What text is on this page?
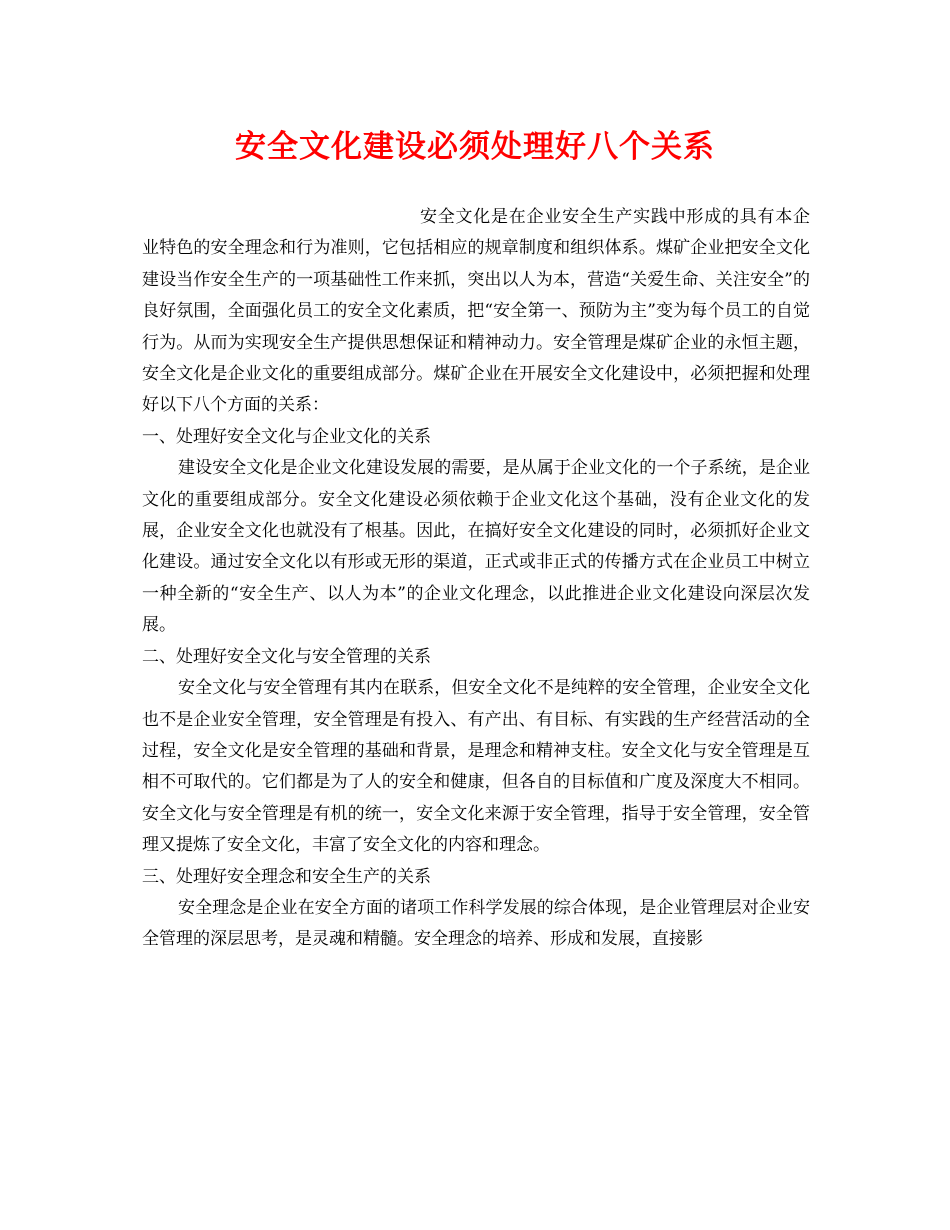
安全文化建设必须处理好八个关系

安全文化是在企业安全生产实践中形成的具有本企业特色的安全理念和行为准则，它包括相应的规章制度和组织体系。煤矿企业把安全文化建设当作安全生产的一项基础性工作来抓，突出以人为本，营造“关爱生命、关注安全”的良好氛围，全面强化员工的安全文化素质，把“安全第一、预防为主”变为每个员工的自觉行为。从而为实现安全生产提供思想保证和精神动力。安全管理是煤矿企业的永恒主题，安全文化是企业文化的重要组成部分。煤矿企业在开展安全文化建设中，必须把握和处理好以下八个方面的关系：

一、处理好安全文化与企业文化的关系

建设安全文化是企业文化建设发展的需要，是从属于企业文化的一个子系统，是企业文化的重要组成部分。安全文化建设必须依赖于企业文化这个基础，没有企业文化的发展，企业安全文化也就没有了根基。因此，在搞好安全文化建设的同时，必须抓好企业文化建设。通过安全文化以有形或无形的渠道，正式或非正式的传播方式在企业员工中树立一种全新的“安全生产、以人为本”的企业文化理念，以此推进企业文化建设向深层次发展。

二、处理好安全文化与安全管理的关系

安全文化与安全管理有其内在联系，但安全文化不是纯粹的安全管理，企业安全文化也不是企业安全管理，安全管理是有投入、有产出、有目标、有实践的生产经营活动的全过程，安全文化是安全管理的基础和背景，是理念和精神支柱。安全文化与安全管理是互相不可取代的。它们都是为了人的安全和健康，但各自的目标值和广度及深度大不相同。安全文化与安全管理是有机的统一，安全文化来源于安全管理，指导于安全管理，安全管理又提炼了安全文化，丰富了安全文化的内容和理念。

三、处理好安全理念和安全生产的关系

安全理念是企业在安全方面的诸项工作科学发展的综合体现，是企业管理层对企业安全管理的深层思考，是灵魂和精髓。安全理念的培养、形成和发展，直接影
